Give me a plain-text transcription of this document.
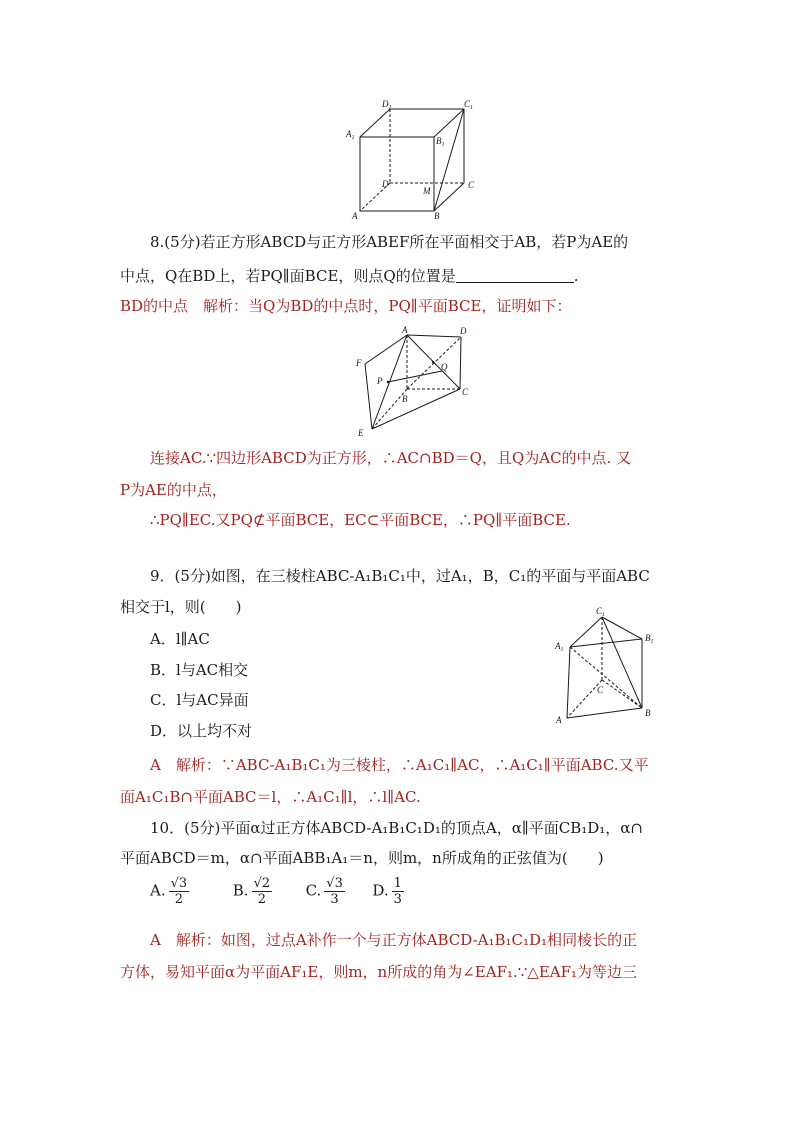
$D_1$	$C_1$
$A_1$	$B_1$
D
M
C
A	B
8.(5分)若正方形ABCD与正方形ABEF所在平面相交于AB，若P为AE的
中点，Q在BD上，若PQ∥面BCE，则点Q的位置是	.
BD的中点　解析：当Q为BD的中点时，PQ∥平面BCE，证明如下：
A	D
F
P
Q
B
C
E
连接AC.∵四边形ABCD为正方形，∴AC∩BD＝Q，且Q为AC的中点. 又
P为AE的中点，
∴PQ∥EC.又PQ⊄平面BCE，EC⊂平面BCE，∴PQ∥平面BCE.
9．(5分)如图，在三棱柱ABC-A₁B₁C₁中，过A₁，B，C₁的平面与平面ABC
相交于l，则(　　)
A．l∥AC
B．l与AC相交
C．l与AC异面
D．以上均不对
$C_1$
$A_1$
$B_1$
C
A
B
A　解析：∵ABC-A₁B₁C₁为三棱柱，∴A₁C₁∥AC，∴A₁C₁∥平面ABC.又平
面A₁C₁B∩平面ABC＝l，∴A₁C₁∥l，∴l∥AC.
10．(5分)平面α过正方体ABCD-A₁B₁C₁D₁的顶点A，α∥平面CB₁D₁，α∩
平面ABCD＝m，α∩平面ABB₁A₁＝n，则m，n所成角的正弦值为(　　)
A. $\frac{√3}{2}$	B. $\frac{√2}{2} C$. $\frac{√3}{3} D$. $\frac{1}{3}$
A　解析：如图，过点A补作一个与正方体ABCD-A₁B₁C₁D₁相同棱长的正
方体，易知平面α为平面AF₁E，则m，n所成的角为∠EAF₁.∵△EAF₁为等边三
